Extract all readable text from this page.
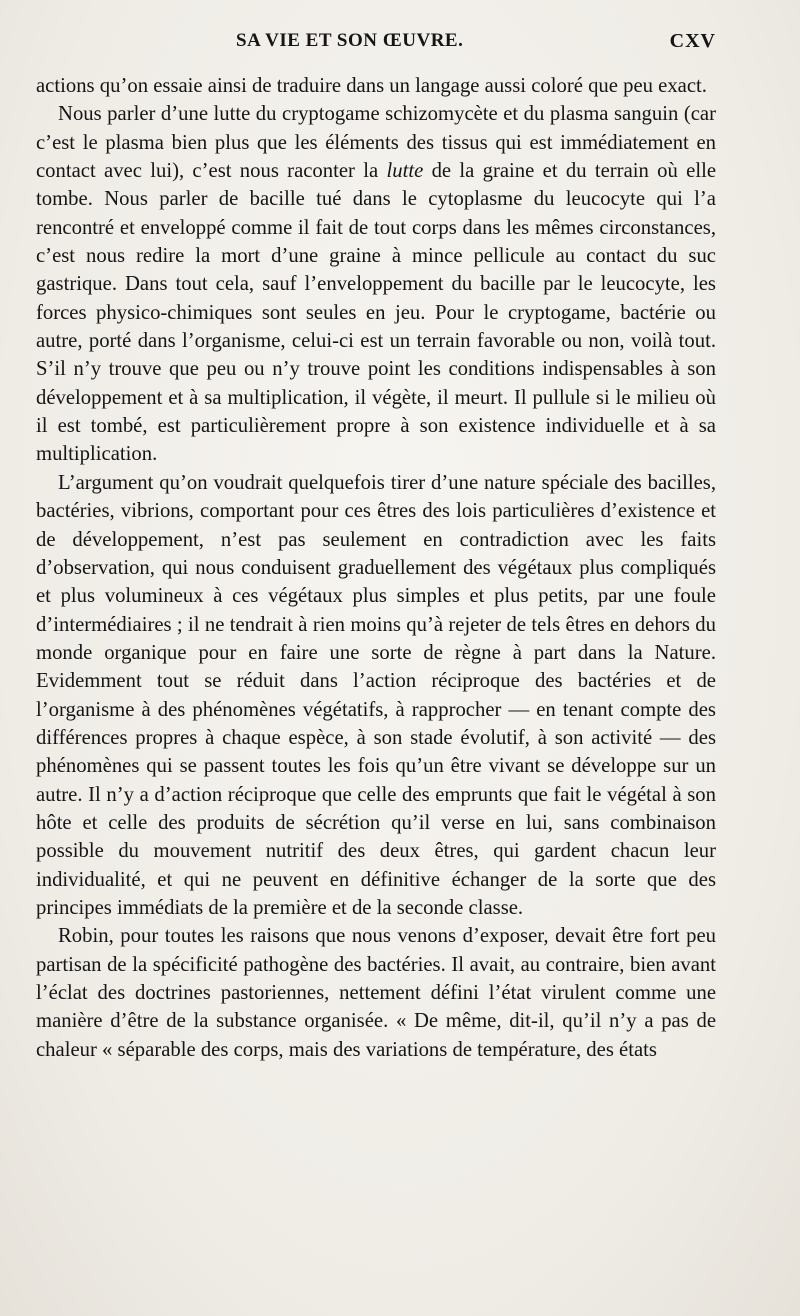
SA VIE ET SON ŒUVRE.	CXV

actions qu’on essaie ainsi de traduire dans un langage aussi coloré que peu exact.

Nous parler d’une lutte du cryptogame schizomycète et du plasma sanguin (car c’est le plasma bien plus que les éléments des tissus qui est immédiatement en contact avec lui), c’est nous raconter la lutte de la graine et du terrain où elle tombe. Nous parler de bacille tué dans le cytoplasme du leucocyte qui l’a rencontré et enveloppé comme il fait de tout corps dans les mêmes circonstances, c’est nous redire la mort d’une graine à mince pellicule au contact du suc gastrique. Dans tout cela, sauf l’enveloppement du bacille par le leucocyte, les forces physico-chimiques sont seules en jeu. Pour le cryptogame, bactérie ou autre, porté dans l’organisme, celui-ci est un terrain favorable ou non, voilà tout. S’il n’y trouve que peu ou n’y trouve point les conditions indispensables à son développement et à sa multiplication, il végète, il meurt. Il pullule si le milieu où il est tombé, est particulièrement propre à son existence individuelle et à sa multiplication.

L’argument qu’on voudrait quelquefois tirer d’une nature spéciale des bacilles, bactéries, vibrions, comportant pour ces êtres des lois particulières d’existence et de développement, n’est pas seulement en contradiction avec les faits d’observation, qui nous conduisent graduellement des végétaux plus compliqués et plus volumineux à ces végétaux plus simples et plus petits, par une foule d’intermédiaires ; il ne tendrait à rien moins qu’à rejeter de tels êtres en dehors du monde organique pour en faire une sorte de règne à part dans la Nature. Evidemment tout se réduit dans l’action réciproque des bactéries et de l’organisme à des phénomènes végétatifs, à rapprocher — en tenant compte des différences propres à chaque espèce, à son stade évolutif, à son activité — des phénomènes qui se passent toutes les fois qu’un être vivant se développe sur un autre. Il n’y a d’action réciproque que celle des emprunts que fait le végétal à son hôte et celle des produits de sécrétion qu’il verse en lui, sans combinaison possible du mouvement nutritif des deux êtres, qui gardent chacun leur individualité, et qui ne peuvent en définitive échanger de la sorte que des principes immédiats de la première et de la seconde classe.

Robin, pour toutes les raisons que nous venons d’exposer, devait être fort peu partisan de la spécificité pathogène des bactéries. Il avait, au contraire, bien avant l’éclat des doctrines pastoriennes, nettement défini l’état virulent comme une manière d’être de la substance organisée. « De même, dit-il, qu’il n’y a pas de chaleur « séparable des corps, mais des variations de température, des états
